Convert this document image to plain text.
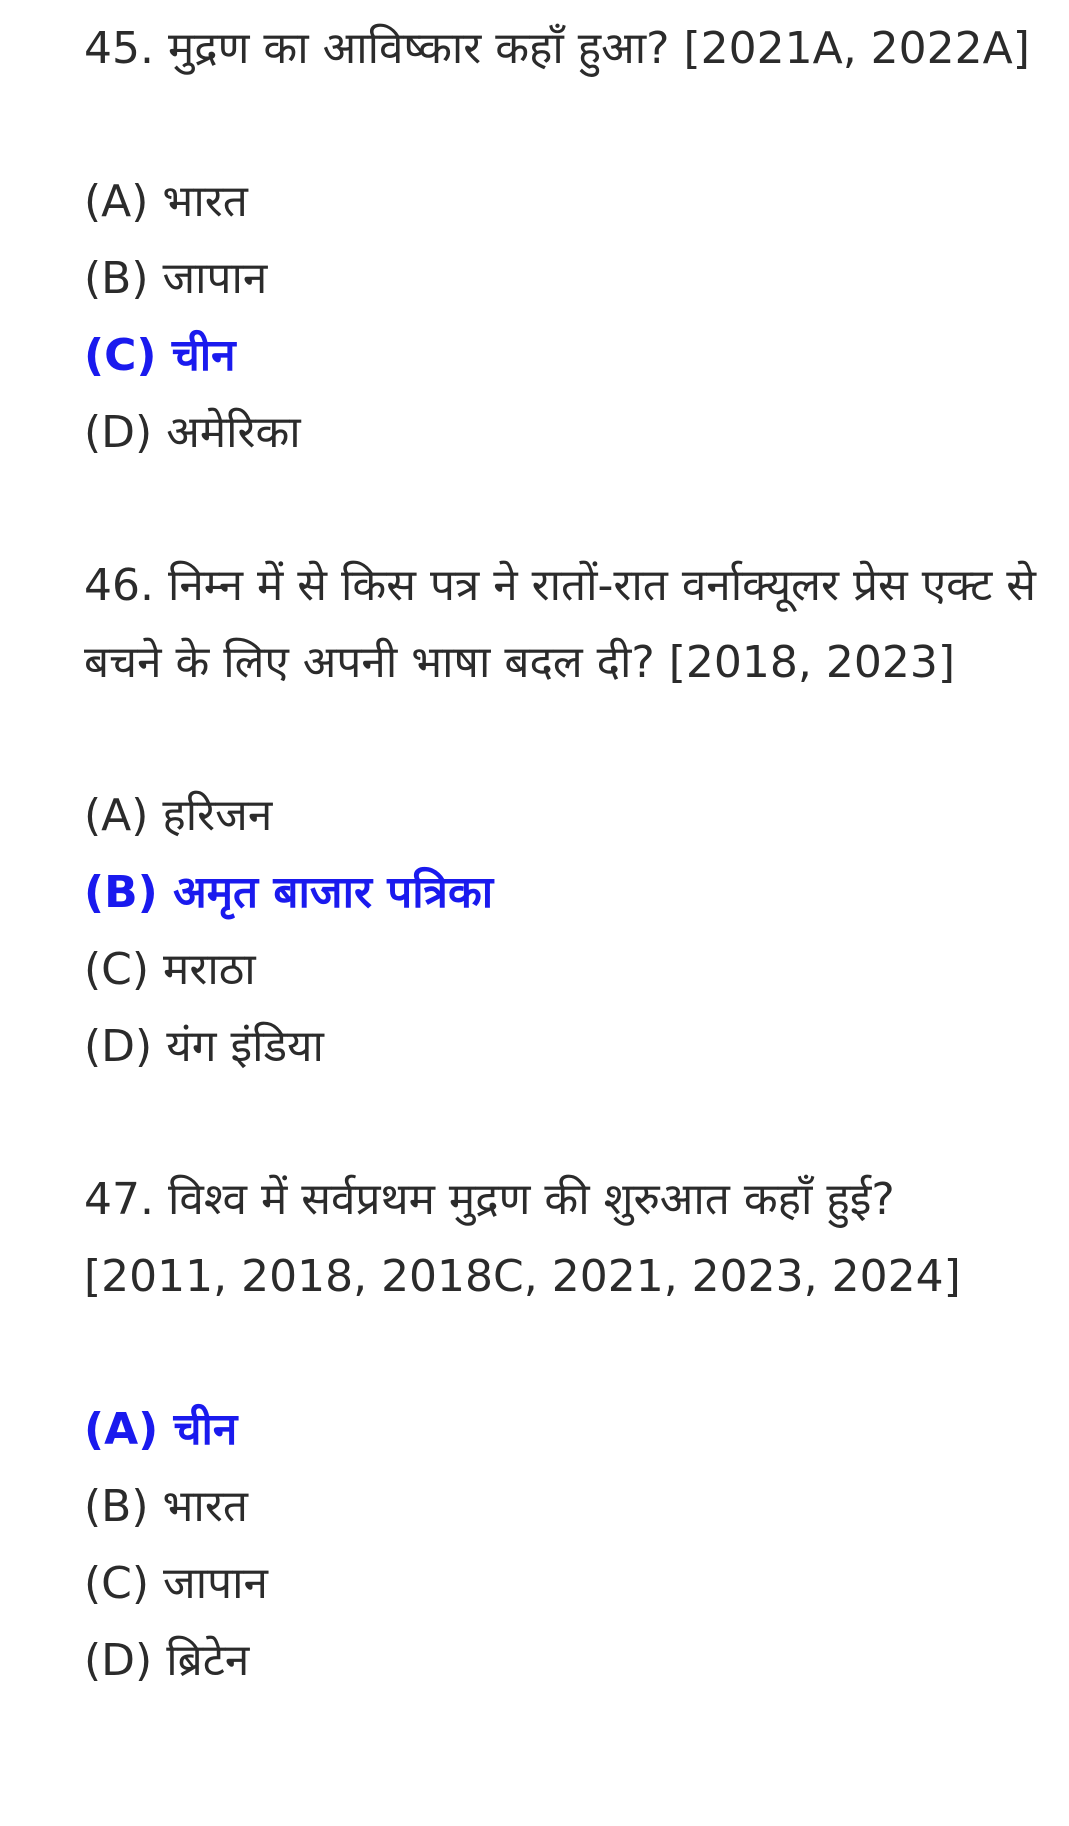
45. मुद्रण का आविष्कार कहाँ हुआ? [2021A, 2022A]

(A) भारत

(B) जापान

(C) चीन

(D) अमेरिका

46. निम्न में से किस पत्र ने रातों-रात वर्नाक्यूलर प्रेस एक्ट से बचने के लिए अपनी भाषा बदल दी? [2018, 2023]

(A) हरिजन

(B) अमृत बाजार पत्रिका

(C) मराठा

(D) यंग इंडिया

47. विश्व में सर्वप्रथम मुद्रण की शुरुआत कहाँ हुई? [2011, 2018, 2018C, 2021, 2023, 2024]

(A) चीन

(B) भारत

(C) जापान

(D) ब्रिटेन
